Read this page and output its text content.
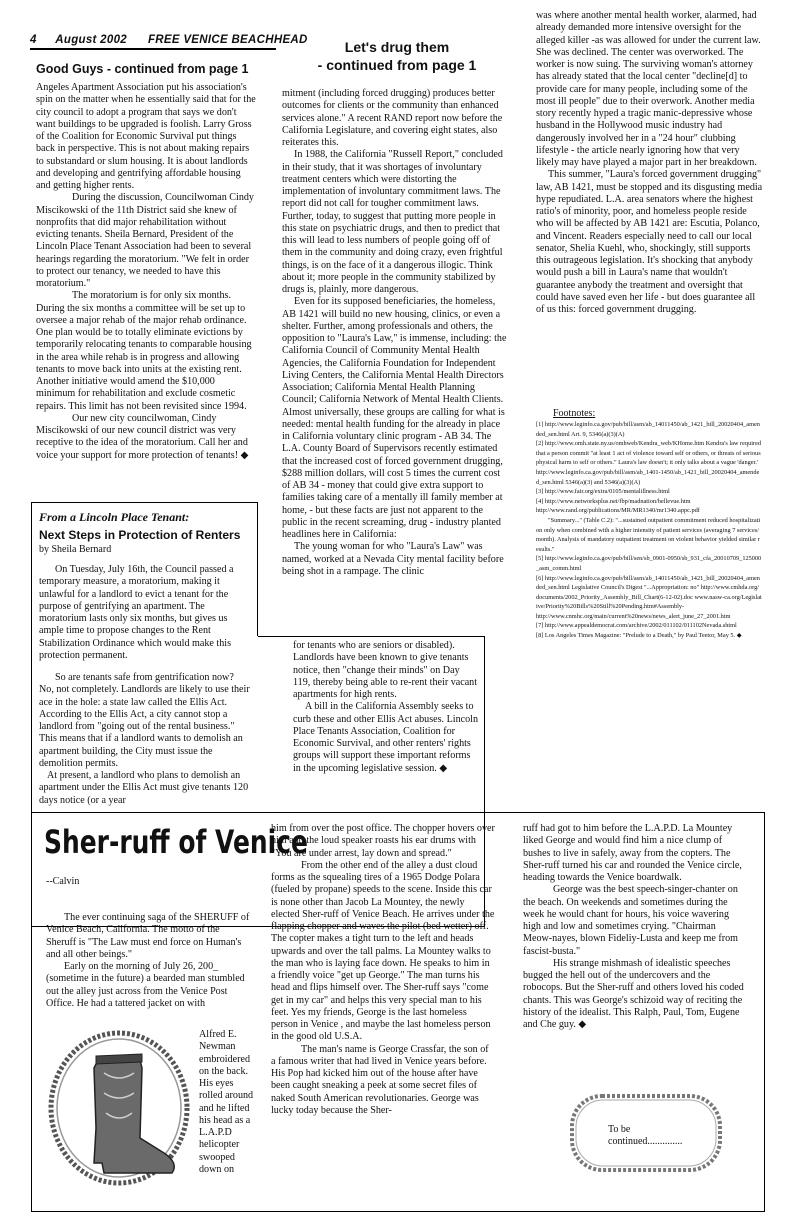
4 August 2002 FREE VENICE BEACHHEAD
Good Guys - continued from page 1

Angeles Apartment Association put his association's spin on the matter when he essentially said that for the city council to adopt a program that says we don't want buildings to be upgraded is foolish. Larry Gross of the Coalition for Economic Survival put things back in perspective. This is not about making repairs to substandard or slum housing. It is about landlords and developing and gentrifying affordable housing and getting higher rents.

During the discussion, Councilwoman Cindy Miscikowski of the 11th District said she knew of nonprofits that did major rehabilitation without evicting tenants. Sheila Bernard, President of the Lincoln Place Tenant Association had been to several hearings regarding the moratorium. "We felt in order to protect our tenancy, we needed to have this moratorium."

The moratorium is for only six months. During the six months a committee will be set up to oversee a major rehab of the major rehab ordinance. One plan would be to totally eliminate evictions by temporarily relocating tenants to comparable housing in the area while rehab is in progress and allowing tenants to move back into units at the existing rent. Another initiative would amend the $10,000 minimum for rehabilitation and exclude cosmetic repairs. This limit has not been revisited since 1994.

Our new city councilwoman, Cindy Miscikowski of our new council district was very receptive to the idea of the moratorium. Call her and voice your support for more protection of tenants! ◆

From a Lincoln Place Tenant:
Next Steps in Protection of Renters
by Sheila Bernard

On Tuesday, July 16th, the Council passed a temporary measure, a moratorium, making it unlawful for a landlord to evict a tenant for the purpose of gentrifying an apartment. The moratorium lasts only six months, but gives us ample time to propose changes to the Rent Stabilization Ordinance which would make this protection permanent.

So are tenants safe from gentrification now? No, not completely. Landlords are likely to use their ace in the hole: a state law called the Ellis Act. According to the Ellis Act, a city cannot stop a landlord from "going out of the rental business." This means that if a landlord wants to demolish an apartment building, the City must issue the demolition permits.

At present, a landlord who plans to demolish an apartment under the Ellis Act must give tenants 120 days notice (or a year

for tenants who are seniors or disabled). Landlords have been known to give tenants notice, then "change their minds" on Day 119, thereby being able to re-rent their vacant apartments for high rents.

A bill in the California Assembly seeks to curb these and other Ellis Act abuses. Lincoln Place Tenants Association, Coalition for Economic Survival, and other renters' rights groups will support these important reforms in the upcoming legislative session. ◆

Let's drug them
- continued from page 1

mitment (including forced drugging) produces better outcomes for clients or the community than enhanced services alone." A recent RAND report now before the California Legislature, and covering eight states, also reiterates this.

In 1988, the California "Russell Report," concluded in their study, that it was shortages of involuntary treatment centers which were distorting the implementation of involuntary commitment laws. The report did not call for tougher commitment laws. Further, today, to suggest that putting more people in this state on psychiatric drugs, and then to predict that this will lead to less numbers of people going off of them in the community and doing crazy, even frightful things, is on the face of it a dangerous illogic. Think about it; more people in the community stabilized by drugs is, plainly, more dangerous.

Even for its supposed beneficiaries, the homeless, AB 1421 will build no new housing, clinics, or even a shelter. Further, among professionals and others, the opposition to "Laura's Law," is immense, including: the California Council of Community Mental Health Agencies, the California Foundation for Independent Living Centers, the California Mental Health Directors Association; California Mental Health Planning Council; California Network of Mental Health Clients. Almost universally, these groups are calling for what is needed: mental health funding for the already in place in California voluntary clinic program - AB 34. The L.A. County Board of Supervisors recently estimated that the increased cost of forced government drugging, $288 million dollars, will cost 5 times the current cost of AB 34 - money that could give extra support to families taking care of a mentally ill family member at home, - but these facts are just not apparent to the public in the recent screaming, drug - industry planted headlines here in California:

The young woman for who "Laura's Law" was named, worked at a Nevada City mental facility before being shot in a rampage. The clinic

was where another mental health worker, alarmed, had already demanded more intensive oversight for the alleged killer -as was allowed for under the current law. She was declined. The center was overworked. The worker is now suing. The surviving woman's attorney has already stated that the local center "decline[d] to provide care for many people, including some of the most ill people" due to their overwork. Another media story recently hyped a tragic manic-depressive whose husband in the Hollywood music industry had dangerously involved her in a "24 hour" clubbing lifestyle - the article nearly ignoring how that very likely may have played a major part in her breakdown.

This summer, "Laura's forced government drugging" law, AB 1421, must be stopped and its disgusting media hype repudiated. L.A. area senators where the highest ratio's of minority, poor, and homeless people reside who will be affected by AB 1421 are: Escutia, Polanco, and Vincent. Readers especially need to call our local senator, Shelia Kuehl, who, shockingly, still supports this outrageous legislation. It's shocking that anybody would push a bill in Laura's name that wouldn't guarantee anybody the treatment and oversight that could have saved even her life - but does guarantee all of us this: forced government drugging.

Footnotes:

[1] http://www.leginfo.ca.gov/pub/bill/asm/ab_14011450/ab_1421_bill_20020404_amended_sen.html Art. 9, 5346(a)(3)(A)

[2] http://www.omh.state.ny.us/omhweb/Kendra_web/KHome.htm Kendra's law required that a person commit "at least 1 act of violence toward self or others, or threats of serious physical harm to self or others." Laura's law doesn't; it only talks about a vague 'danger.'

http://www.leginfo.ca.gov/pub/bill/asm/ab_1401-1450/ab_1421_bill_20020404_amended_sen.html 5346(a)(3) and 5346(a)(3)(A)

[3] http://www.fair.org/extra/0105/mentalillness.html

[4] http://www.networksplus.net/fbp/madnation/bellevue.htm

http://www.rand.org/publications/MR/MR1340/mr1340.appc.pdf

"Summary..." (Table C.2): "...sustained outpatient commitment reduced hospitalization only when combined with a higher intensity of patient services (averaging 7 services/month). Analysis of mandatory outpatient treatment on violent behavior yielded similar results."

[5] http://www.leginfo.ca.gov/pub/bill/sen/sb_0901-0950/sb_931_cfa_20010709_125000_asm_comm.html

[6] http://www.leginfo.ca.gov/pub/bill/asm/ab_14011450/ab_1421_bill_20020404_amended_sen.html Legislative Council's Digest "...Appropriation: no" http://www.cmhda.org/documents/2002_Priority_Assembly_Bill_Chart(6-12-02).doc www.nasw-ca.org/Legislative/Priority%20Bills%20Still%20Pending.htm#Assembly-

http://www.cnmhc.org/main/current%20news/news_alert_june_27_2001.htm

[7] http://www.appealdemocrat.com/archive/2002/011102/011102Nevada.shtml

[8] Los Angeles Times Magazine: "Prelude to a Death," by Paul Teetor, May 5. ◆

Sher-ruff of Venice
--Calvin

The ever continuing saga of the SHERUFF of Venice Beach, California. The motto of the Sheruff is "The Law must end force on Human's and all other beings."

Early on the morning of July 26, 200_ (sometime in the future) a bearded man stumbled out the alley just across from the Venice Post Office. He had a tattered jacket on with

Alfred E. Newman embroidered on the back. His eyes rolled around and he lifted his head as a L.A.P.D helicopter swooped down on

him from over the post office. The chopper hovers over him and the loud speaker roasts his ear drums with "You are under arrest, lay down and spread."

From the other end of the alley a dust cloud forms as the squealing tires of a 1965 Dodge Polara (fueled by propane) speeds to the scene. Inside this car is none other than Jacob La Mountey, the newly elected Sher-ruff of Venice Beach. He arrives under the flapping chopper and waves the pilot (bed wetter) off. The copter makes a tight turn to the left and heads upwards and over the tall palms. La Mountey walks to the man who is laying face down. He speaks to him in a friendly voice "get up George." The man turns his head and flips himself over. The Sher-ruff says "come get in my car" and helps this very special man to his feet. Yes my friends, George is the last homeless person in Venice , and maybe the last homeless person in the good old U.S.A.

The man's name is George Crassfar, the son of a famous writer that had lived in Venice years before. His Pop had kicked him out of the house after have been caught sneaking a peek at some secret files of naked South American revolutionaries. George was lucky today because the Sher-

ruff had got to him before the L.A.P.D. La Mountey liked George and would find him a nice clump of bushes to live in safely, away from the copters. The Sher-ruff turned his car and rounded the Venice circle, heading towards the Venice boardwalk.

George was the best speech-singer-chanter on the beach. On weekends and sometimes during the week he would chant for hours, his voice wavering high and low and sometimes crying. "Chairman Meow-nayes, blown Fideliy-Lusta and keep me from fascist-busta."

His strange mishmash of idealistic speeches bugged the hell out of the undercovers and the robocops. But the Sher-ruff and others loved his coded chants. This was George's schizoid way of reciting the history of the idealist. This Ralph, Paul, Tom, Eugene and Che guy. ◆

To be
continued..............
